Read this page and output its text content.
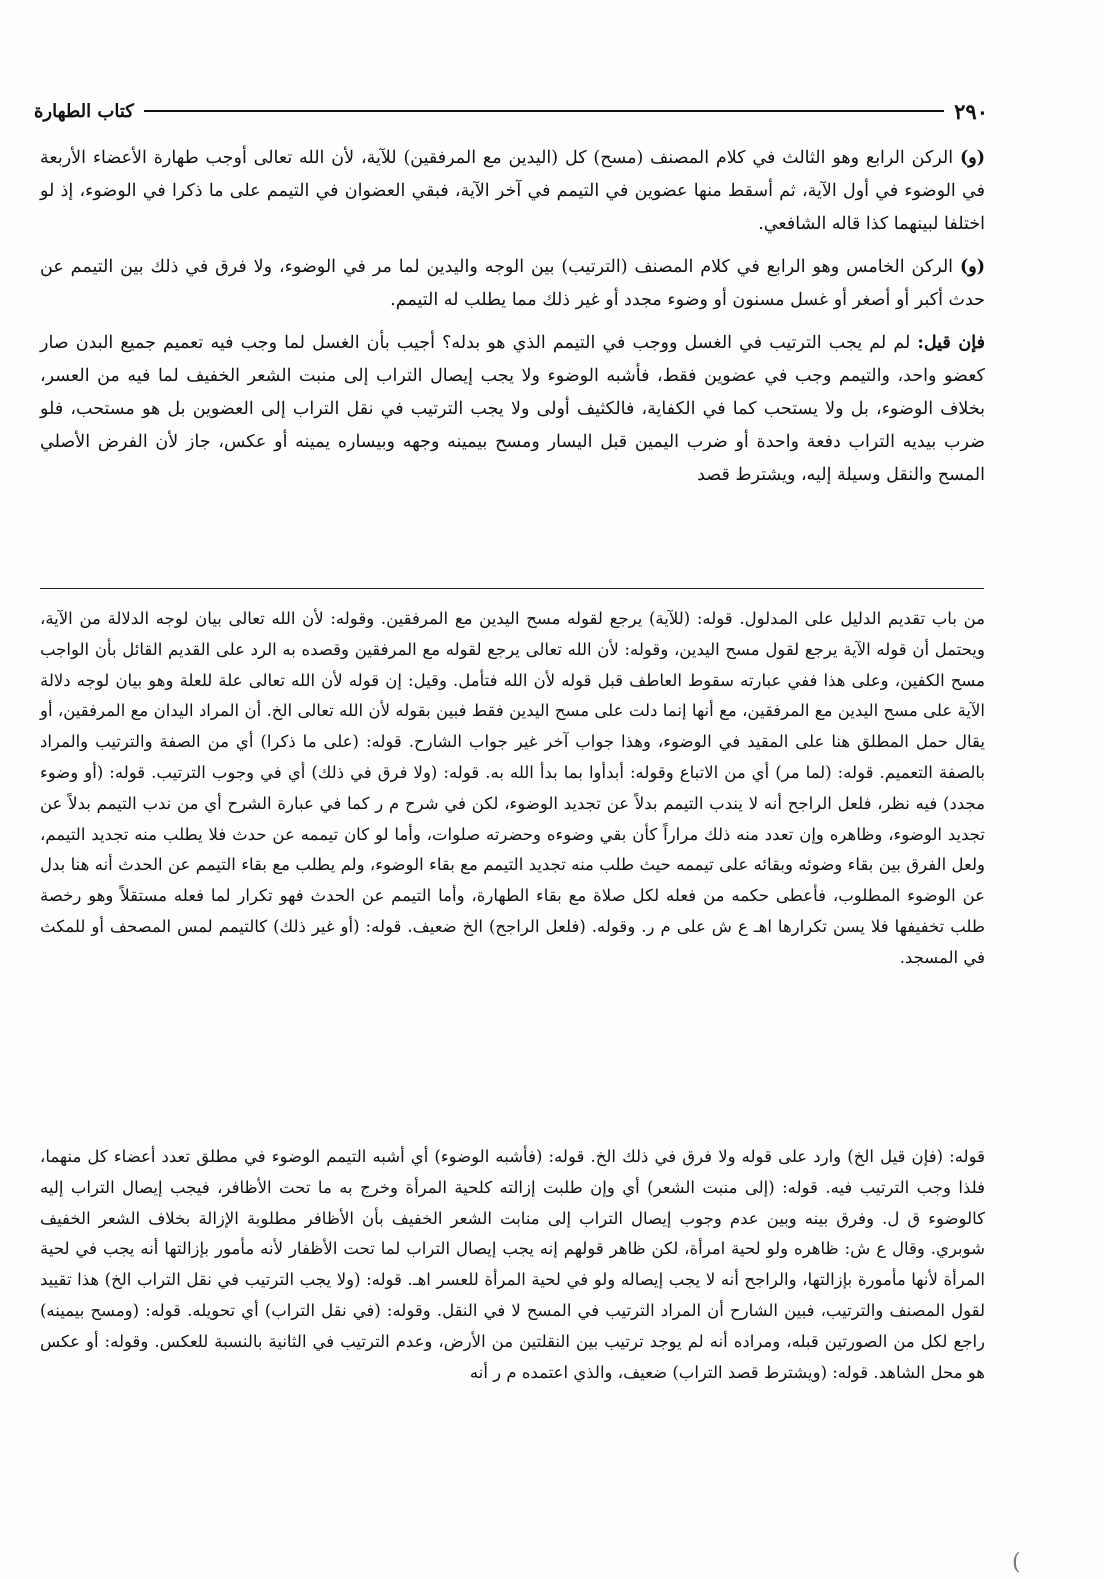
٢٩٠
كتاب الطهارة

(و) الركن الرابع وهو الثالث في كلام المصنف (مسح) كل (اليدين مع المرفقين) للآية، لأن الله تعالى أوجب طهارة الأعضاء الأربعة في الوضوء في أول الآية، ثم أسقط منها عضوين في التيمم في آخر الآية، فبقي العضوان في التيمم على ما ذكرا في الوضوء، إذ لو اختلفا لبينهما كذا قاله الشافعي.

(و) الركن الخامس وهو الرابع في كلام المصنف (الترتيب) بين الوجه واليدين لما مر في الوضوء، ولا فرق في ذلك بين التيمم عن حدث أكبر أو أصغر أو غسل مسنون أو وضوء مجدد أو غير ذلك مما يطلب له التيمم.

فإن قيل: لم لم يجب الترتيب في الغسل ووجب في التيمم الذي هو بدله؟ أجيب بأن الغسل لما وجب فيه تعميم جميع البدن صار كعضو واحد، والتيمم وجب في عضوين فقط، فأشبه الوضوء ولا يجب إيصال التراب إلى منبت الشعر الخفيف لما فيه من العسر، بخلاف الوضوء، بل ولا يستحب كما في الكفاية، فالكثيف أولى ولا يجب الترتيب في نقل التراب إلى العضوين بل هو مستحب، فلو ضرب بيديه التراب دفعة واحدة أو ضرب اليمين قبل اليسار ومسح بيمينه وجهه وبيساره يمينه أو عكس، جاز لأن الفرض الأصلي المسح والنقل وسيلة إليه، ويشترط قصد

من باب تقديم الدليل على المدلول. قوله: (للآية) يرجع لقوله مسح اليدين مع المرفقين. وقوله: لأن الله تعالى بيان لوجه الدلالة من الآية، ويحتمل أن قوله الآية يرجع لقول مسح اليدين، وقوله: لأن الله تعالى يرجع لقوله مع المرفقين وقصده به الرد على القديم القائل بأن الواجب مسح الكفين، وعلى هذا ففي عبارته سقوط العاطف قبل قوله لأن الله فتأمل. وقيل: إن قوله لأن الله تعالى علة للعلة وهو بيان لوجه دلالة الآية على مسح اليدين مع المرفقين، مع أنها إنما دلت على مسح اليدين فقط فبين بقوله لأن الله تعالى الخ. أن المراد اليدان مع المرفقين، أو يقال حمل المطلق هنا على المقيد في الوضوء، وهذا جواب آخر غير جواب الشارح. قوله: (على ما ذكرا) أي من الصفة والترتيب والمراد بالصفة التعميم. قوله: (لما مر) أي من الاتباع وقوله: أبدأوا بما بدأ الله به. قوله: (ولا فرق في ذلك) أي في وجوب الترتيب. قوله: (أو وضوء مجدد) فيه نظر، فلعل الراجح أنه لا يندب التيمم بدلاً عن تجديد الوضوء، لكن في شرح م ر كما في عبارة الشرح أي من ندب التيمم بدلاً عن تجديد الوضوء، وظاهره وإن تعدد منه ذلك مراراً كأن بقي وضوءه وحضرته صلوات، وأما لو كان تيممه عن حدث فلا يطلب منه تجديد التيمم، ولعل الفرق بين بقاء وضوئه وبقائه على تيممه حيث طلب منه تجديد التيمم مع بقاء الوضوء، ولم يطلب مع بقاء التيمم عن الحدث أنه هنا بدل عن الوضوء المطلوب، فأعطى حكمه من فعله لكل صلاة مع بقاء الطهارة، وأما التيمم عن الحدث فهو تكرار لما فعله مستقلاً وهو رخصة طلب تخفيفها فلا يسن تكرارها اهـ ع ش على م ر. وقوله. (فلعل الراجح) الخ ضعيف. قوله: (أو غير ذلك) كالتيمم لمس المصحف أو للمكث في المسجد.

قوله: (فإن قيل الخ) وارد على قوله ولا فرق في ذلك الخ. قوله: (فأشبه الوضوء) أي أشبه التيمم الوضوء في مطلق تعدد أعضاء كل منهما، فلذا وجب الترتيب فيه. قوله: (إلى منبت الشعر) أي وإن طلبت إزالته كلحية المرأة وخرج به ما تحت الأظافر، فيجب إيصال التراب إليه كالوضوء ق ل. وفرق بينه وبين عدم وجوب إيصال التراب إلى منابت الشعر الخفيف بأن الأظافر مطلوبة الإزالة بخلاف الشعر الخفيف شوبري. وقال ع ش: ظاهره ولو لحية امرأة، لكن ظاهر قولهم إنه يجب إيصال التراب لما تحت الأظفار لأنه مأمور بإزالتها أنه يجب في لحية المرأة لأنها مأمورة بإزالتها، والراجح أنه لا يجب إيصاله ولو في لحية المرأة للعسر اهـ. قوله: (ولا يجب الترتيب في نقل التراب الخ) هذا تقييد لقول المصنف والترتيب، فبين الشارح أن المراد الترتيب في المسح لا في النقل. وقوله: (في نقل التراب) أي تحويله. قوله: (ومسح بيمينه) راجع لكل من الصورتين قبله، ومراده أنه لم يوجد ترتيب بين النقلتين من الأرض، وعدم الترتيب في الثانية بالنسبة للعكس. وقوله: أو عكس هو محل الشاهد. قوله: (ويشترط قصد التراب) ضعيف، والذي اعتمده م ر أنه

)
